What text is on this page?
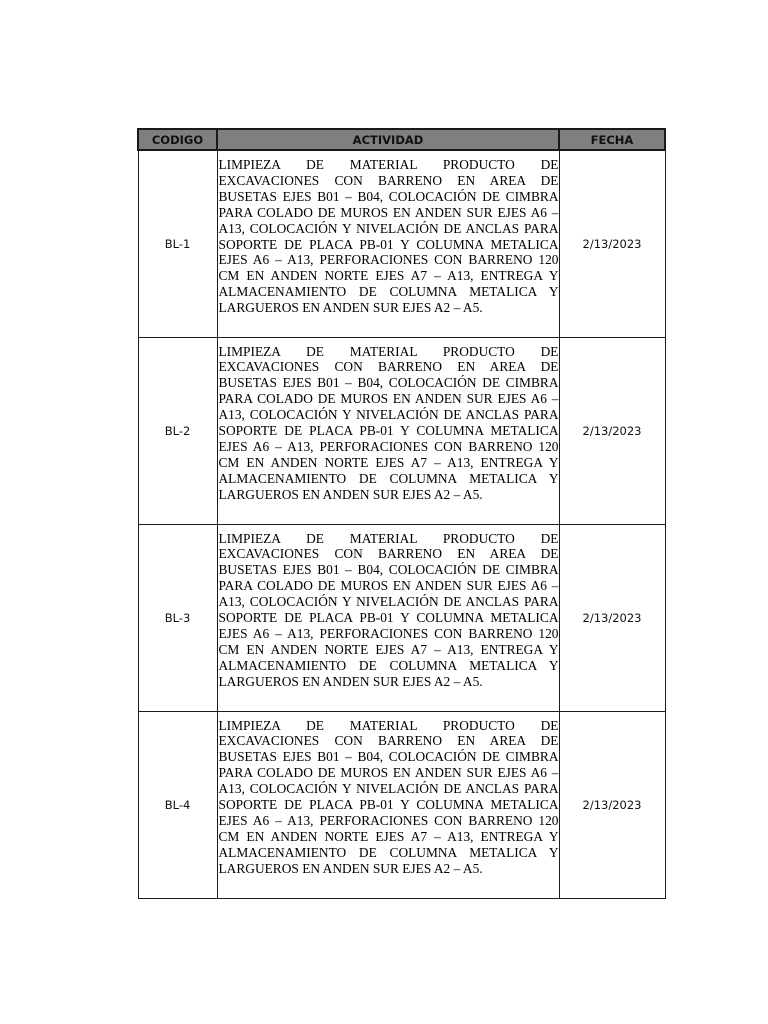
CODIGO	ACTIVIDAD	FECHA
BL-1	LIMPIEZA DE MATERIAL PRODUCTO DE EXCAVACIONES CON BARRENO EN AREA DE BUSETAS EJES B01 – B04, COLOCACIÓN DE CIMBRA PARA COLADO DE MUROS EN ANDEN SUR EJES A6 – A13, COLOCACIÓN Y NIVELACIÓN DE ANCLAS PARA SOPORTE DE PLACA PB-01 Y COLUMNA METALICA EJES A6 – A13, PERFORACIONES CON BARRENO 120 CM EN ANDEN NORTE EJES A7 – A13, ENTREGA Y ALMACENAMIENTO DE COLUMNA METALICA Y LARGUEROS EN ANDEN SUR EJES A2 – A5.	2/13/2023
BL-2	LIMPIEZA DE MATERIAL PRODUCTO DE EXCAVACIONES CON BARRENO EN AREA DE BUSETAS EJES B01 – B04, COLOCACIÓN DE CIMBRA PARA COLADO DE MUROS EN ANDEN SUR EJES A6 – A13, COLOCACIÓN Y NIVELACIÓN DE ANCLAS PARA SOPORTE DE PLACA PB-01 Y COLUMNA METALICA EJES A6 – A13, PERFORACIONES CON BARRENO 120 CM EN ANDEN NORTE EJES A7 – A13, ENTREGA Y ALMACENAMIENTO DE COLUMNA METALICA Y LARGUEROS EN ANDEN SUR EJES A2 – A5.	2/13/2023
BL-3	LIMPIEZA DE MATERIAL PRODUCTO DE EXCAVACIONES CON BARRENO EN AREA DE BUSETAS EJES B01 – B04, COLOCACIÓN DE CIMBRA PARA COLADO DE MUROS EN ANDEN SUR EJES A6 – A13, COLOCACIÓN Y NIVELACIÓN DE ANCLAS PARA SOPORTE DE PLACA PB-01 Y COLUMNA METALICA EJES A6 – A13, PERFORACIONES CON BARRENO 120 CM EN ANDEN NORTE EJES A7 – A13, ENTREGA Y ALMACENAMIENTO DE COLUMNA METALICA Y LARGUEROS EN ANDEN SUR EJES A2 – A5.	2/13/2023
BL-4	LIMPIEZA DE MATERIAL PRODUCTO DE EXCAVACIONES CON BARRENO EN AREA DE BUSETAS EJES B01 – B04, COLOCACIÓN DE CIMBRA PARA COLADO DE MUROS EN ANDEN SUR EJES A6 – A13, COLOCACIÓN Y NIVELACIÓN DE ANCLAS PARA SOPORTE DE PLACA PB-01 Y COLUMNA METALICA EJES A6 – A13, PERFORACIONES CON BARRENO 120 CM EN ANDEN NORTE EJES A7 – A13, ENTREGA Y ALMACENAMIENTO DE COLUMNA METALICA Y LARGUEROS EN ANDEN SUR EJES A2 – A5.	2/13/2023
